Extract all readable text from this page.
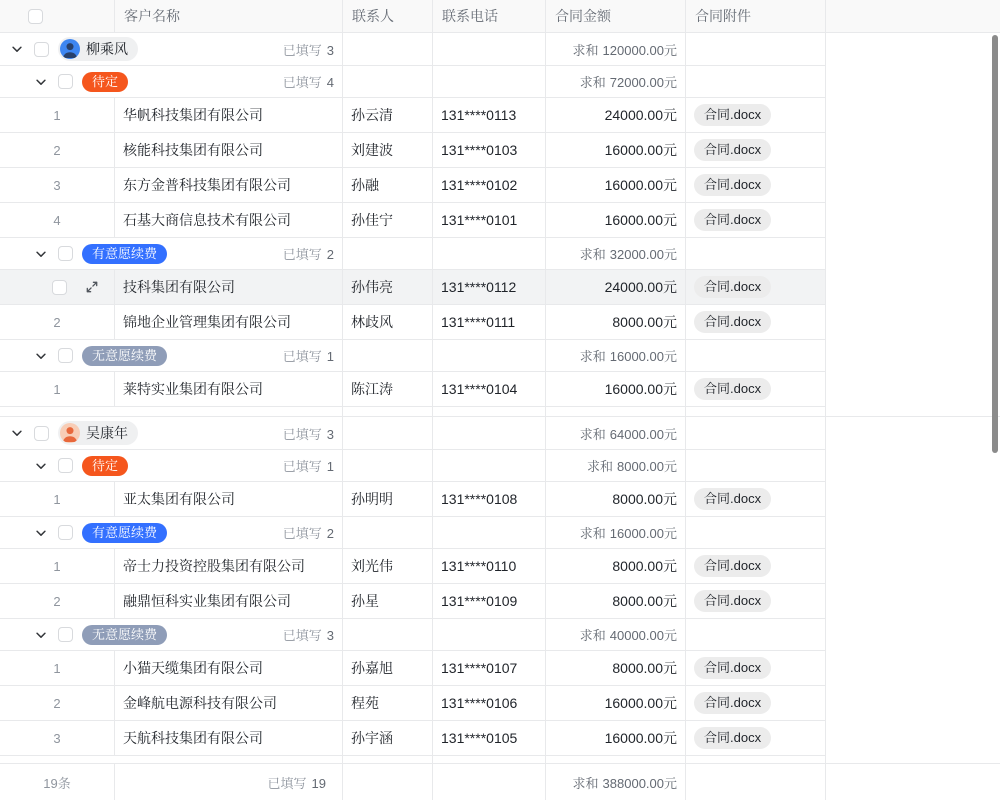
客户名称	联系人	联系电话	合同金额	合同附件
柳乘风	已填写 3	求和 120000.00元
待定	已填写 4	求和 72000.00元
1	华帆科技集团有限公司	孙云清	131****0113	24000.00元	合同.docx
2	核能科技集团有限公司	刘建波	131****0103	16000.00元	合同.docx
3	东方金普科技集团有限公司	孙融	131****0102	16000.00元	合同.docx
4	石基大商信息技术有限公司	孙佳宁	131****0101	16000.00元	合同.docx
有意愿续费	已填写 2	求和 32000.00元
技科集团有限公司	孙伟亮	131****0112	24000.00元	合同.docx
2	锦地企业管理集团有限公司	林歧风	131****0111	8000.00元	合同.docx
无意愿续费	已填写 1	求和 16000.00元
1	莱特实业集团有限公司	陈江涛	131****0104	16000.00元	合同.docx
吴康年	已填写 3	求和 64000.00元
待定	已填写 1	求和 8000.00元
1	亚太集团有限公司	孙明明	131****0108	8000.00元	合同.docx
有意愿续费	已填写 2	求和 16000.00元
1	帝士力投资控股集团有限公司	刘光伟	131****0110	8000.00元	合同.docx
2	融鼎恒科实业集团有限公司	孙星	131****0109	8000.00元	合同.docx
无意愿续费	已填写 3	求和 40000.00元
1	小猫天缆集团有限公司	孙嘉旭	131****0107	8000.00元	合同.docx
2	金峰航电源科技有限公司	程苑	131****0106	16000.00元	合同.docx
3	天航科技集团有限公司	孙宇涵	131****0105	16000.00元	合同.docx
19条	已填写 19	求和 388000.00元
